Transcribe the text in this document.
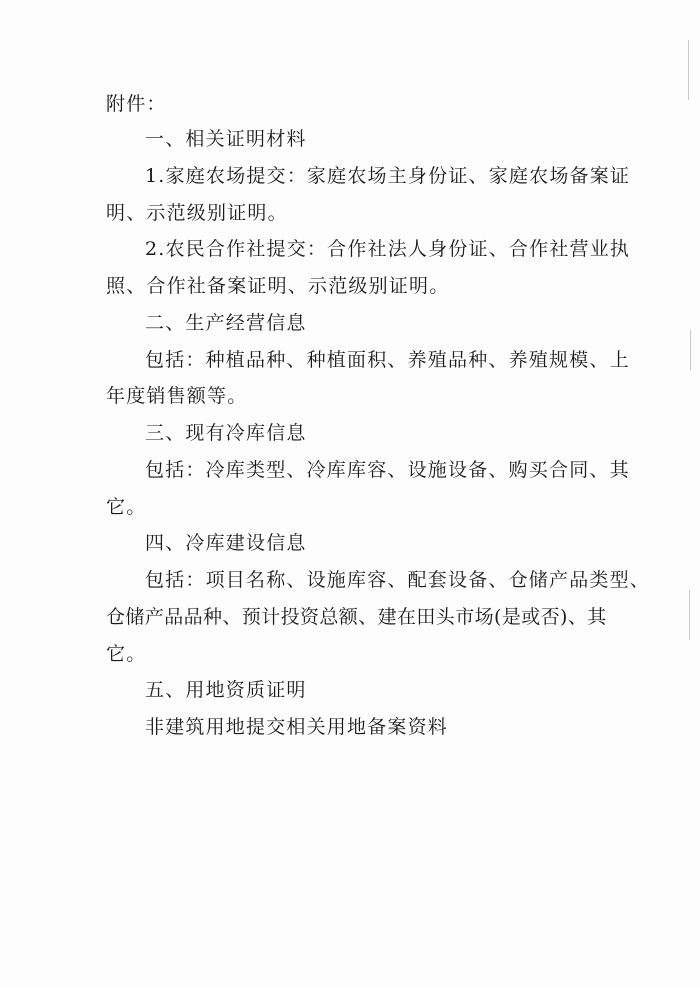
附件：
一、相关证明材料
1.家庭农场提交：家庭农场主身份证、家庭农场备案证
明、示范级别证明。
2.农民合作社提交：合作社法人身份证、合作社营业执
照、合作社备案证明、示范级别证明。
二、生产经营信息
包括：种植品种、种植面积、养殖品种、养殖规模、上
年度销售额等。
三、现有冷库信息
包括：冷库类型、冷库库容、设施设备、购买合同、其
它。
四、冷库建设信息
包括：项目名称、设施库容、配套设备、仓储产品类型、
仓储产品品种、预计投资总额、建在田头市场(是或否)、其
它。
五、用地资质证明
非建筑用地提交相关用地备案资料
